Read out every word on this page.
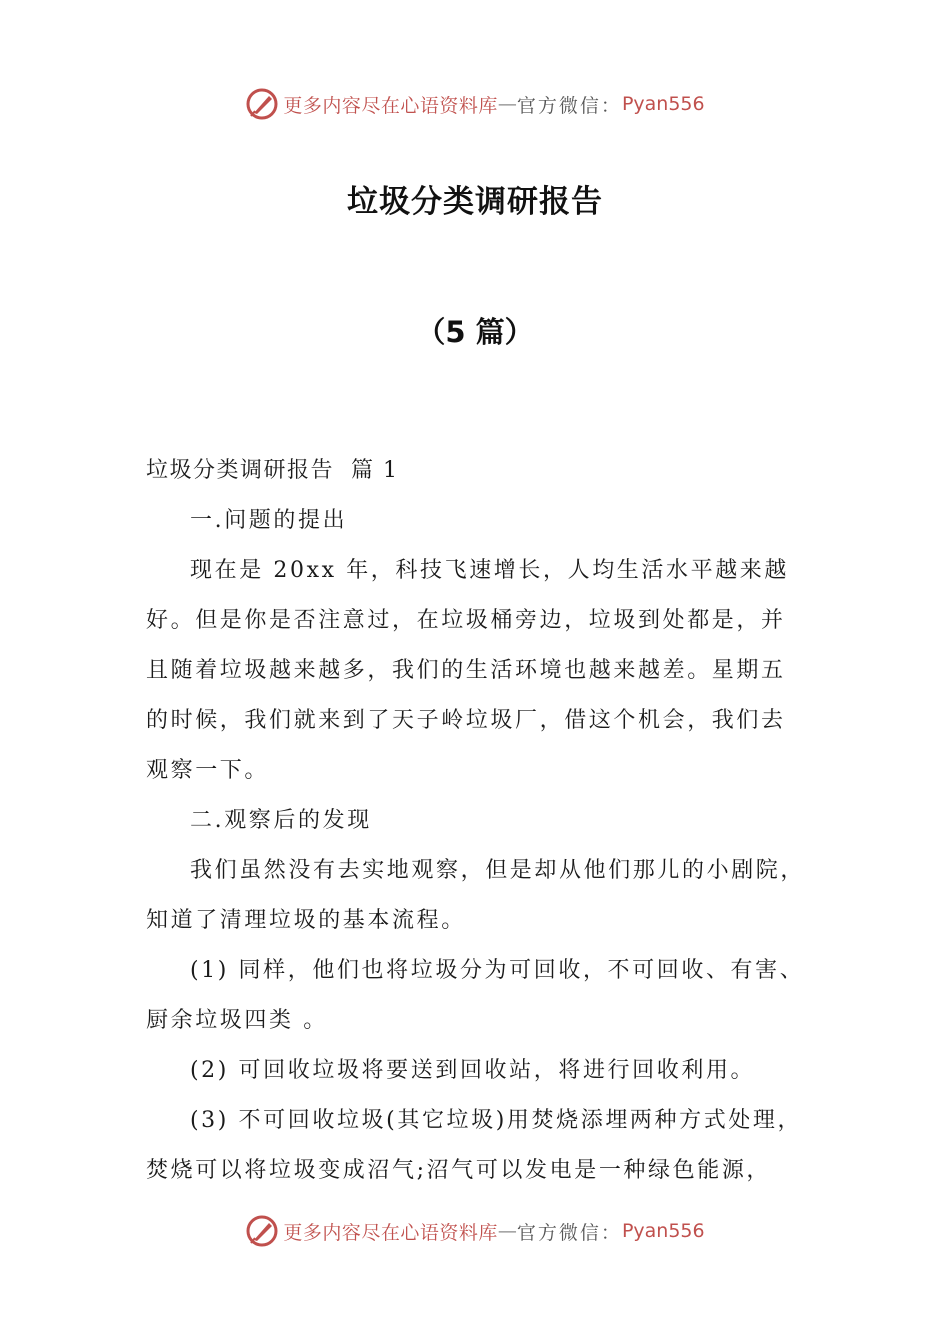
更多内容尽在心语资料库 — 官方微信： Pyan556
垃圾分类调研报告
（5 篇）

垃圾分类调研报告  篇 1

一.问题的提出

现在是 20xx 年，科技飞速增长，人均生活水平越来越好。但是你是否注意过，在垃圾桶旁边，垃圾到处都是，并且随着垃圾越来越多，我们的生活环境也越来越差。星期五的时候，我们就来到了天子岭垃圾厂，借这个机会，我们去观察一下。

二.观察后的发现

我们虽然没有去实地观察，但是却从他们那儿的小剧院，知道了清理垃圾的基本流程。

(1) 同样，他们也将垃圾分为可回收，不可回收、有害、厨余垃圾四类 。

(2) 可回收垃圾将要送到回收站，将进行回收利用。

(3) 不可回收垃圾(其它垃圾)用焚烧添埋两种方式处理，焚烧可以将垃圾变成沼气;沼气可以发电是一种绿色能源，

更多内容尽在心语资料库 — 官方微信： Pyan556
